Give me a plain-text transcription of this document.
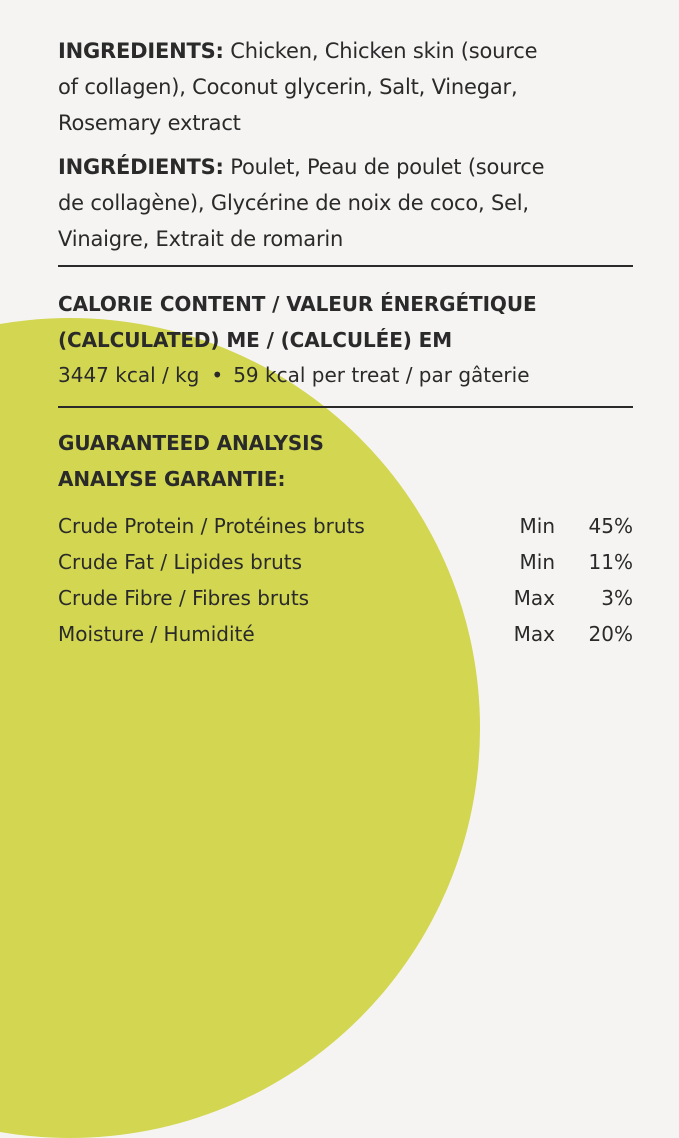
INGREDIENTS: Chicken, Chicken skin (source
of collagen), Coconut glycerin, Salt, Vinegar,
Rosemary extract
INGRÉDIENTS: Poulet, Peau de poulet (source
de collagène), Glycérine de noix de coco, Sel,
Vinaigre, Extrait de romarin
CALORIE CONTENT / VALEUR ÉNERGÉTIQUE
(CALCULATED) ME / (CALCULÉE) EM
3447 kcal / kg • 59 kcal per treat / par gâterie
GUARANTEED ANALYSIS
ANALYSE GARANTIE:
Crude Protein / Protéines bruts	Min	45%
Crude Fat / Lipides bruts	Min	11%
Crude Fibre / Fibres bruts	Max	3%
Moisture / Humidité	Max	20%
